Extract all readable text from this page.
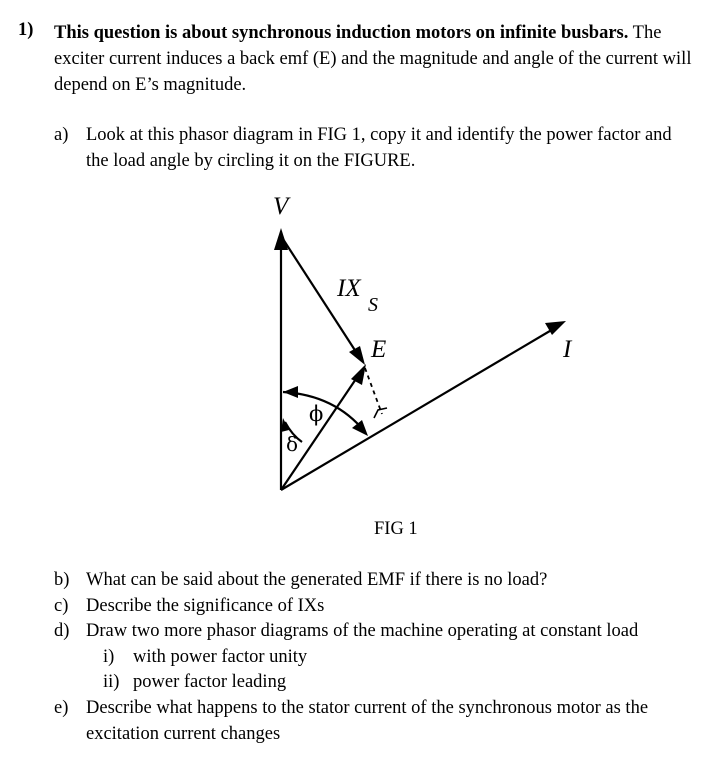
1) This question is about synchronous induction motors on infinite busbars. The
exciter current induces a back emf (E) and the magnitude and angle of the current will
depend on E’s magnitude.
a) Look at this phasor diagram in FIG 1, copy it and identify the power factor and
the load angle by circling it on the FIGURE.
V
IX
S
E	I
ϕ
δ
FIG 1
b) What can be said about the generated EMF if there is no load?
c) Describe the significance of IXs
d) Draw two more phasor diagrams of the machine operating at constant load
i) with power factor unity
ii) power factor leading
e) Describe what happens to the stator current of the synchronous motor as the
excitation current changes
